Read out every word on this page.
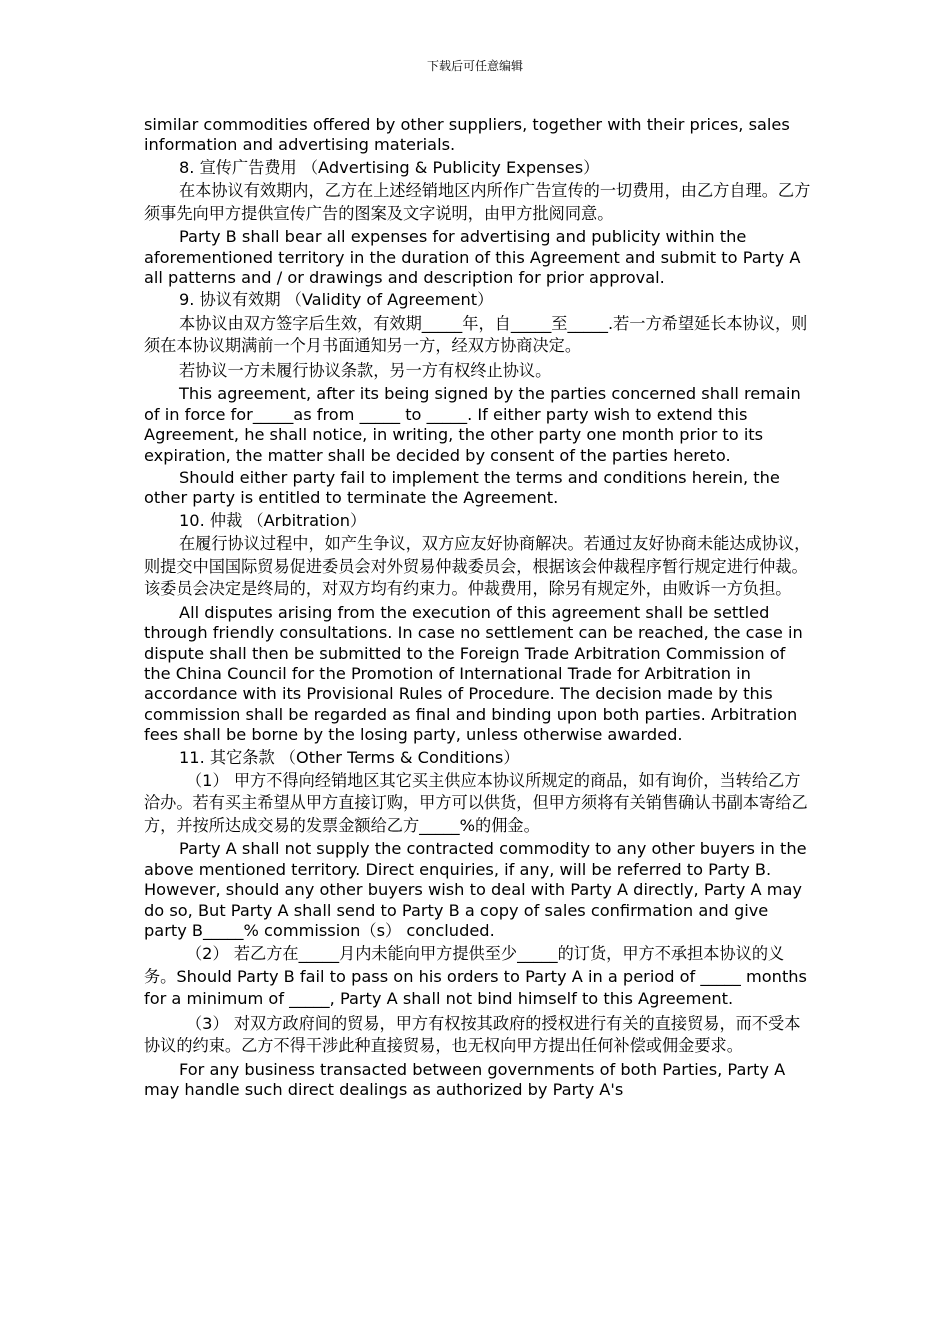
下载后可任意编辑

similar commodities offered by other suppliers, together with their prices, sales information and advertising materials.

8. 宣传广告费用 （Advertising & Publicity Expenses）

在本协议有效期内，乙方在上述经销地区内所作广告宣传的一切费用，由乙方自理。乙方须事先向甲方提供宣传广告的图案及文字说明，由甲方批阅同意。

Party B shall bear all expenses for advertising and publicity within the aforementioned territory in the duration of this Agreement and submit to Party A all patterns and / or drawings and description for prior approval.

9. 协议有效期 （Validity of Agreement）

本协议由双方签字后生效，有效期_____年，自_____至_____.若一方希望延长本协议，则须在本协议期满前一个月书面通知另一方，经双方协商决定。

若协议一方未履行协议条款，另一方有权终止协议。

This agreement, after its being signed by the parties concerned shall remain of in force for_____as from _____ to _____. If either party wish to extend this Agreement, he shall notice, in writing, the other party one month prior to its expiration, the matter shall be decided by consent of the parties hereto.

Should either party fail to implement the terms and conditions herein, the other party is entitled to terminate the Agreement.

10. 仲裁 （Arbitration）

在履行协议过程中，如产生争议，双方应友好协商解决。若通过友好协商未能达成协议，则提交中国国际贸易促进委员会对外贸易仲裁委员会，根据该会仲裁程序暂行规定进行仲裁。该委员会决定是终局的，对双方均有约束力。仲裁费用，除另有规定外，由败诉一方负担。

All disputes arising from the execution of this agreement shall be settled through friendly consultations. In case no settlement can be reached, the case in dispute shall then be submitted to the Foreign Trade Arbitration Commission of the China Council for the Promotion of International Trade for Arbitration in accordance with its Provisional Rules of Procedure. The decision made by this commission shall be regarded as final and binding upon both parties. Arbitration fees shall be borne by the losing party, unless otherwise awarded.

11. 其它条款 （Other Terms & Conditions）

（1） 甲方不得向经销地区其它买主供应本协议所规定的商品，如有询价，当转给乙方洽办。若有买主希望从甲方直接订购，甲方可以供货，但甲方须将有关销售确认书副本寄给乙方，并按所达成交易的发票金额给乙方_____%的佣金。

Party A shall not supply the contracted commodity to any other buyers in the above mentioned territory. Direct enquiries, if any, will be referred to Party B. However, should any other buyers wish to deal with Party A directly, Party A may do so, But Party A shall send to Party B a copy of sales confirmation and give party B_____% commission（s） concluded.

（2） 若乙方在_____月内未能向甲方提供至少_____的订货，甲方不承担本协议的义务。Should Party B fail to pass on his orders to Party A in a period of _____ months for a minimum of _____, Party A shall not bind himself to this Agreement.

（3） 对双方政府间的贸易，甲方有权按其政府的授权进行有关的直接贸易，而不受本协议的约束。乙方不得干涉此种直接贸易，也无权向甲方提出任何补偿或佣金要求。

For any business transacted between governments of both Parties, Party A may handle such direct dealings as authorized by Party A's
